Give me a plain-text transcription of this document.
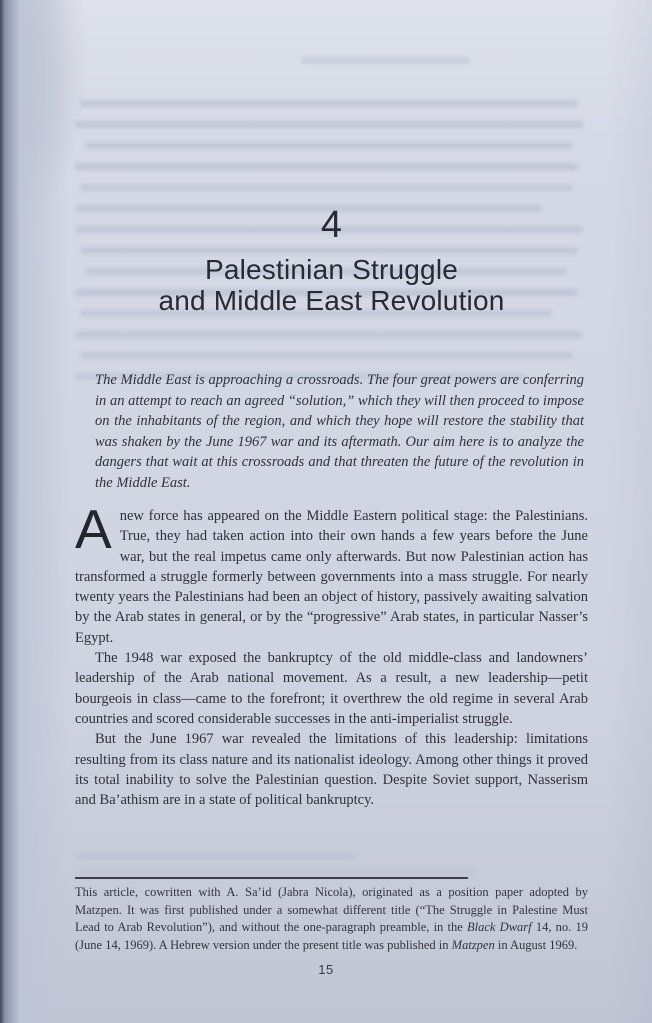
4
Palestinian Struggle
and Middle East Revolution

The Middle East is approaching a crossroads. The four great powers are conferring in an attempt to reach an agreed “solution,” which they will then proceed to impose on the inhabitants of the region, and which they hope will restore the stability that was shaken by the June 1967 war and its aftermath. Our aim here is to analyze the dangers that wait at this crossroads and that threaten the future of the revolution in the Middle East.

Anew force has appeared on the Middle Eastern political stage: the Palestinians. True, they had taken action into their own hands a few years before the June war, but the real impetus came only afterwards. But now Palestinian action has transformed a struggle formerly between governments into a mass struggle. For nearly twenty years the Palestinians had been an object of history, passively awaiting salvation by the Arab states in general, or by the “progressive” Arab states, in particular Nasser’s Egypt.

The 1948 war exposed the bankruptcy of the old middle-class and landowners’ leadership of the Arab national movement. As a result, a new leadership—petit bourgeois in class—came to the forefront; it overthrew the old regime in several Arab countries and scored considerable successes in the anti-imperialist struggle.

But the June 1967 war revealed the limitations of this leadership: limitations resulting from its class nature and its nationalist ideology. Among other things it proved its total inability to solve the Palestinian question. Despite Soviet support, Nasserism and Ba’athism are in a state of political bankruptcy.

This article, cowritten with A. Sa’id (Jabra Nicola), originated as a position paper adopted by Matzpen. It was first published under a somewhat different title (“The Struggle in Palestine Must Lead to Arab Revolution”), and without the one-paragraph preamble, in the Black Dwarf 14, no. 19 (June 14, 1969). A Hebrew version under the present title was published in Matzpen in August 1969.

15
